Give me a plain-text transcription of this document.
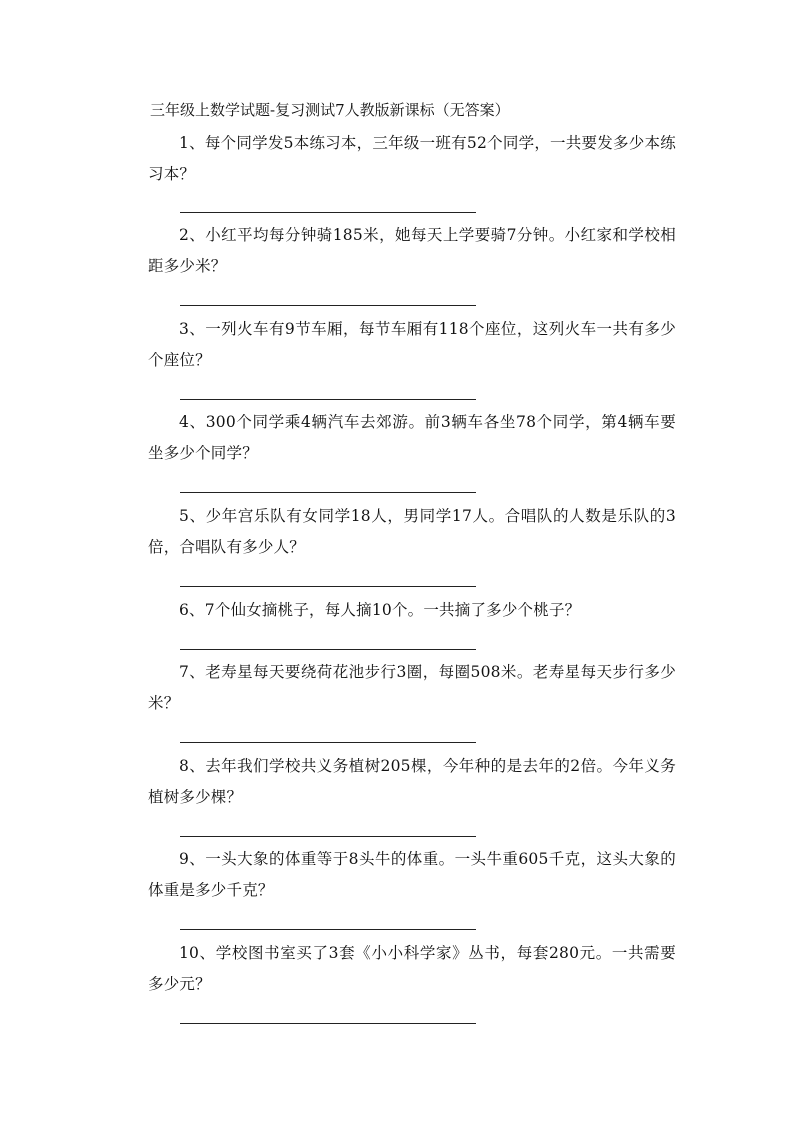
三年级上数学试题-复习测试7人教版新课标（无答案）

1、每个同学发5本练习本，三年级一班有52个同学，一共要发多少本练习本？

2、小红平均每分钟骑185米，她每天上学要骑7分钟。小红家和学校相距多少米？

3、一列火车有9节车厢，每节车厢有118个座位，这列火车一共有多少个座位？

4、300个同学乘4辆汽车去郊游。前3辆车各坐78个同学，第4辆车要坐多少个同学？

5、少年宫乐队有女同学18人，男同学17人。合唱队的人数是乐队的3倍，合唱队有多少人？

6、7个仙女摘桃子，每人摘10个。一共摘了多少个桃子？

7、老寿星每天要绕荷花池步行3圈，每圈508米。老寿星每天步行多少米？

8、去年我们学校共义务植树205棵，今年种的是去年的2倍。今年义务植树多少棵？

9、一头大象的体重等于8头牛的体重。一头牛重605千克，这头大象的体重是多少千克？

10、学校图书室买了3套《小小科学家》丛书，每套280元。一共需要多少元？
